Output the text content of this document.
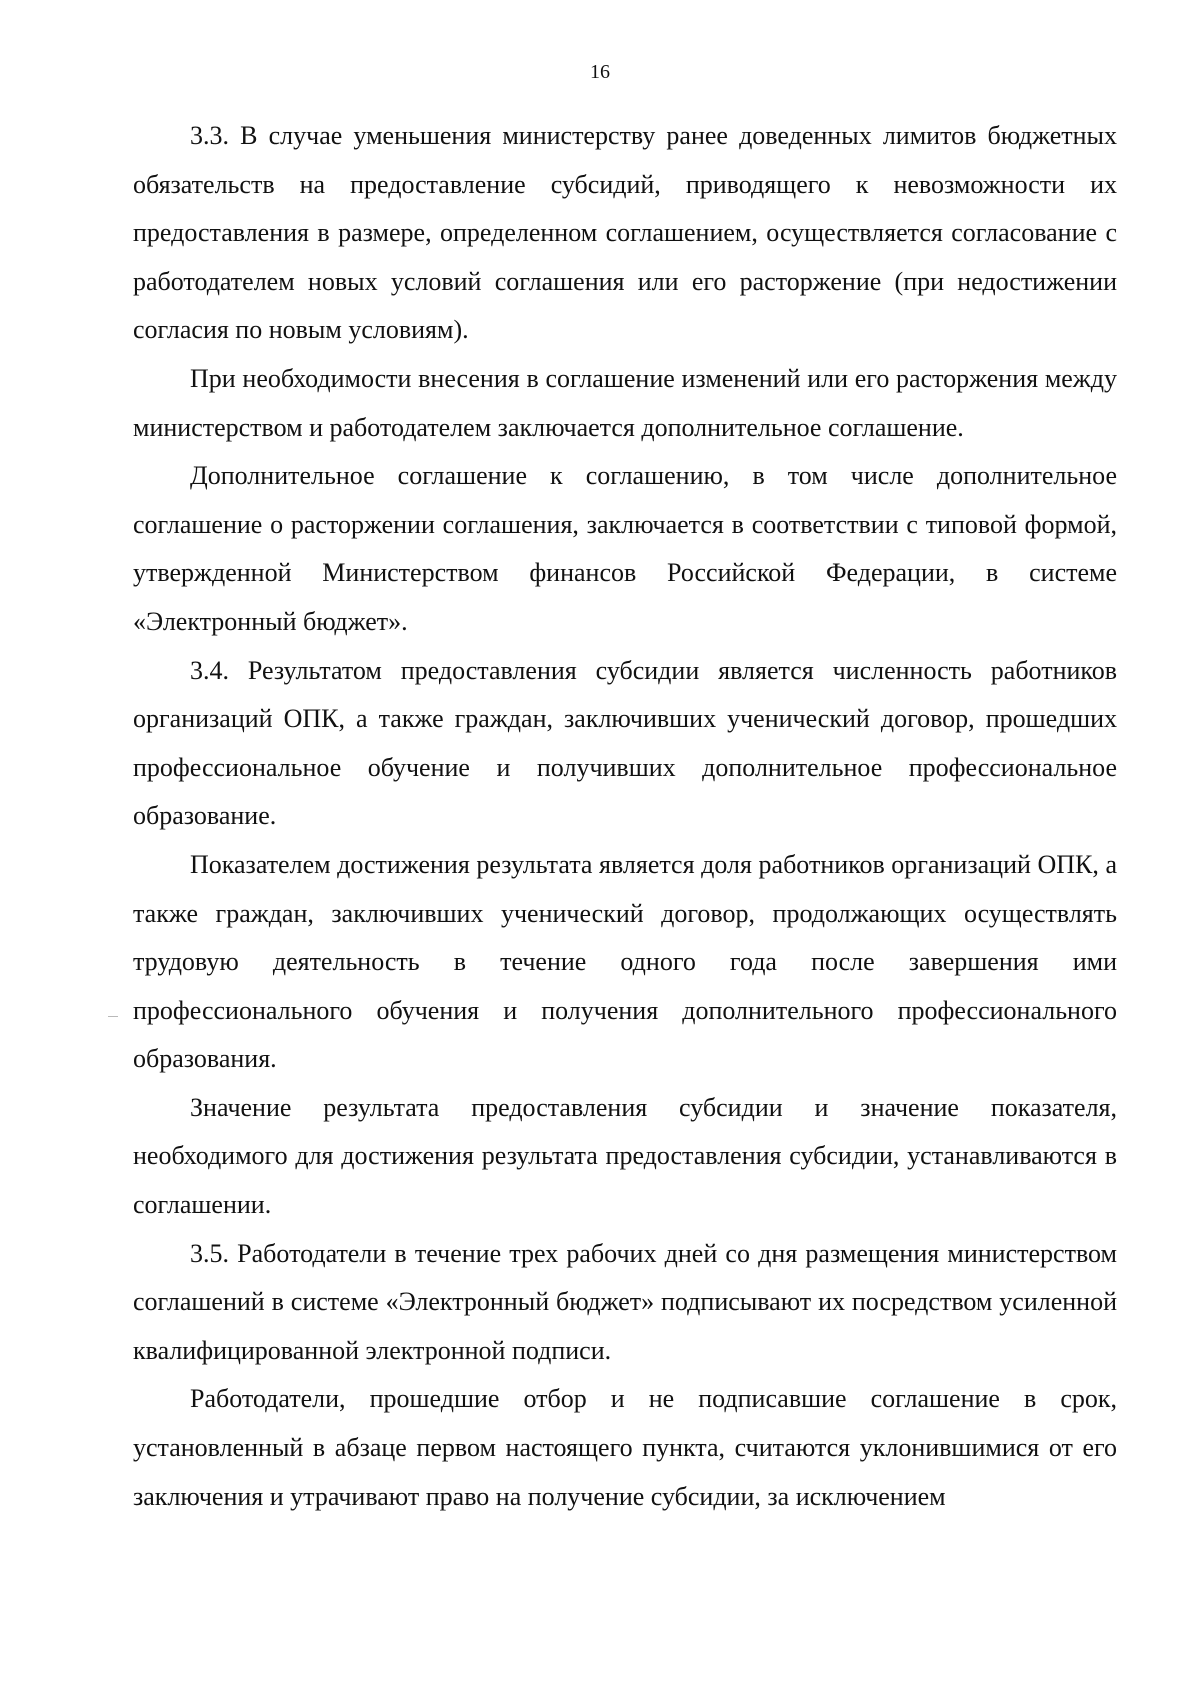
16

3.3. В случае уменьшения министерству ранее доведенных лимитов бюджетных обязательств на предоставление субсидий, приводящего к невозможности их предоставления в размере, определенном соглашением, осуществляется согласование с работодателем новых условий соглашения или его расторжение (при недостижении согласия по новым условиям).

При необходимости внесения в соглашение изменений или его расторжения между министерством и работодателем заключается дополнительное соглашение.

Дополнительное соглашение к соглашению, в том числе дополнительное соглашение о расторжении соглашения, заключается в соответствии с типовой формой, утвержденной Министерством финансов Российской Федерации, в системе «Электронный бюджет».

3.4. Результатом предоставления субсидии является численность работников организаций ОПК, а также граждан, заключивших ученический договор, прошедших профессиональное обучение и получивших дополнительное профессиональное образование.

Показателем достижения результата является доля работников организаций ОПК, а также граждан, заключивших ученический договор, продолжающих осуществлять трудовую деятельность в течение одного года после завершения ими профессионального обучения и получения дополнительного профессионального образования.

Значение результата предоставления субсидии и значение показателя, необходимого для достижения результата предоставления субсидии, устанавливаются в соглашении.

3.5. Работодатели в течение трех рабочих дней со дня размещения министерством соглашений в системе «Электронный бюджет» подписывают их посредством усиленной квалифицированной электронной подписи.

Работодатели, прошедшие отбор и не подписавшие соглашение в срок, установленный в абзаце первом настоящего пункта, считаются уклонившимися от его заключения и утрачивают право на получение субсидии, за исключением
